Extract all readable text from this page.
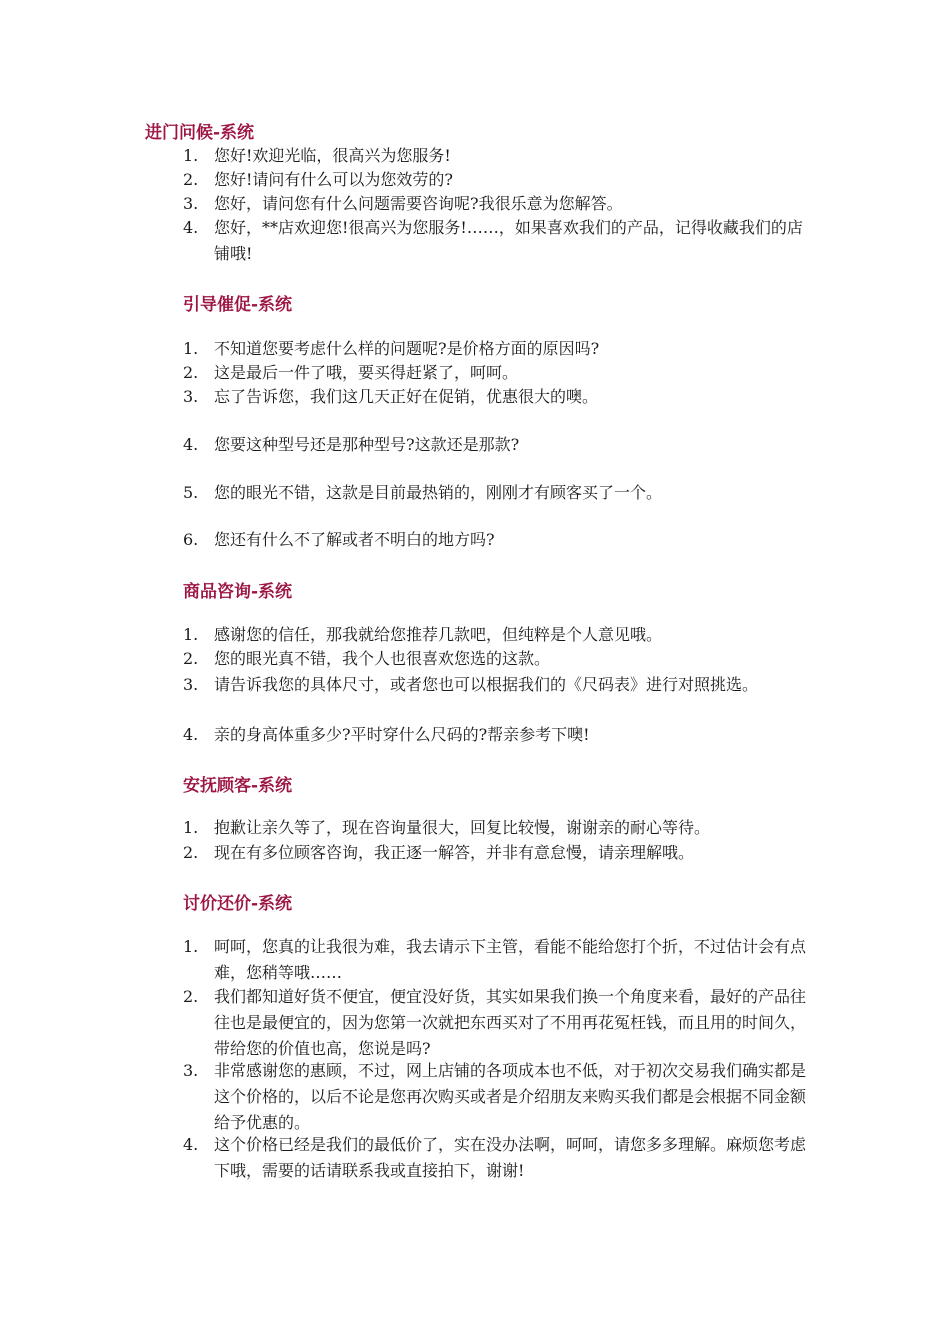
进门问候-系统
1. 您好!欢迎光临，很高兴为您服务!
2. 您好!请问有什么可以为您效劳的?
3. 您好，请问您有什么问题需要咨询呢?我很乐意为您解答。
4. 您好，**店欢迎您!很高兴为您服务!……，如果喜欢我们的产品，记得收藏我们的店铺哦!
引导催促-系统
1. 不知道您要考虑什么样的问题呢?是价格方面的原因吗?
2. 这是最后一件了哦，要买得赶紧了，呵呵。
3. 忘了告诉您，我们这几天正好在促销，优惠很大的噢。
4. 您要这种型号还是那种型号?这款还是那款?
5. 您的眼光不错，这款是目前最热销的，刚刚才有顾客买了一个。
6. 您还有什么不了解或者不明白的地方吗?
商品咨询-系统
1. 感谢您的信任，那我就给您推荐几款吧，但纯粹是个人意见哦。
2. 您的眼光真不错，我个人也很喜欢您选的这款。
3. 请告诉我您的具体尺寸，或者您也可以根据我们的《尺码表》进行对照挑选。
4. 亲的身高体重多少?平时穿什么尺码的?帮亲参考下噢!
安抚顾客-系统
1. 抱歉让亲久等了，现在咨询量很大，回复比较慢，谢谢亲的耐心等待。
2. 现在有多位顾客咨询，我正逐一解答，并非有意怠慢，请亲理解哦。
讨价还价-系统
1. 呵呵，您真的让我很为难，我去请示下主管，看能不能给您打个折，不过估计会有点难，您稍等哦……
2. 我们都知道好货不便宜，便宜没好货，其实如果我们换一个角度来看，最好的产品往往也是最便宜的，因为您第一次就把东西买对了不用再花冤枉钱，而且用的时间久，带给您的价值也高，您说是吗?
3. 非常感谢您的惠顾，不过，网上店铺的各项成本也不低，对于初次交易我们确实都是这个价格的，以后不论是您再次购买或者是介绍朋友来购买我们都是会根据不同金额给予优惠的。
4. 这个价格已经是我们的最低价了，实在没办法啊，呵呵，请您多多理解。麻烦您考虑下哦，需要的话请联系我或直接拍下，谢谢!
